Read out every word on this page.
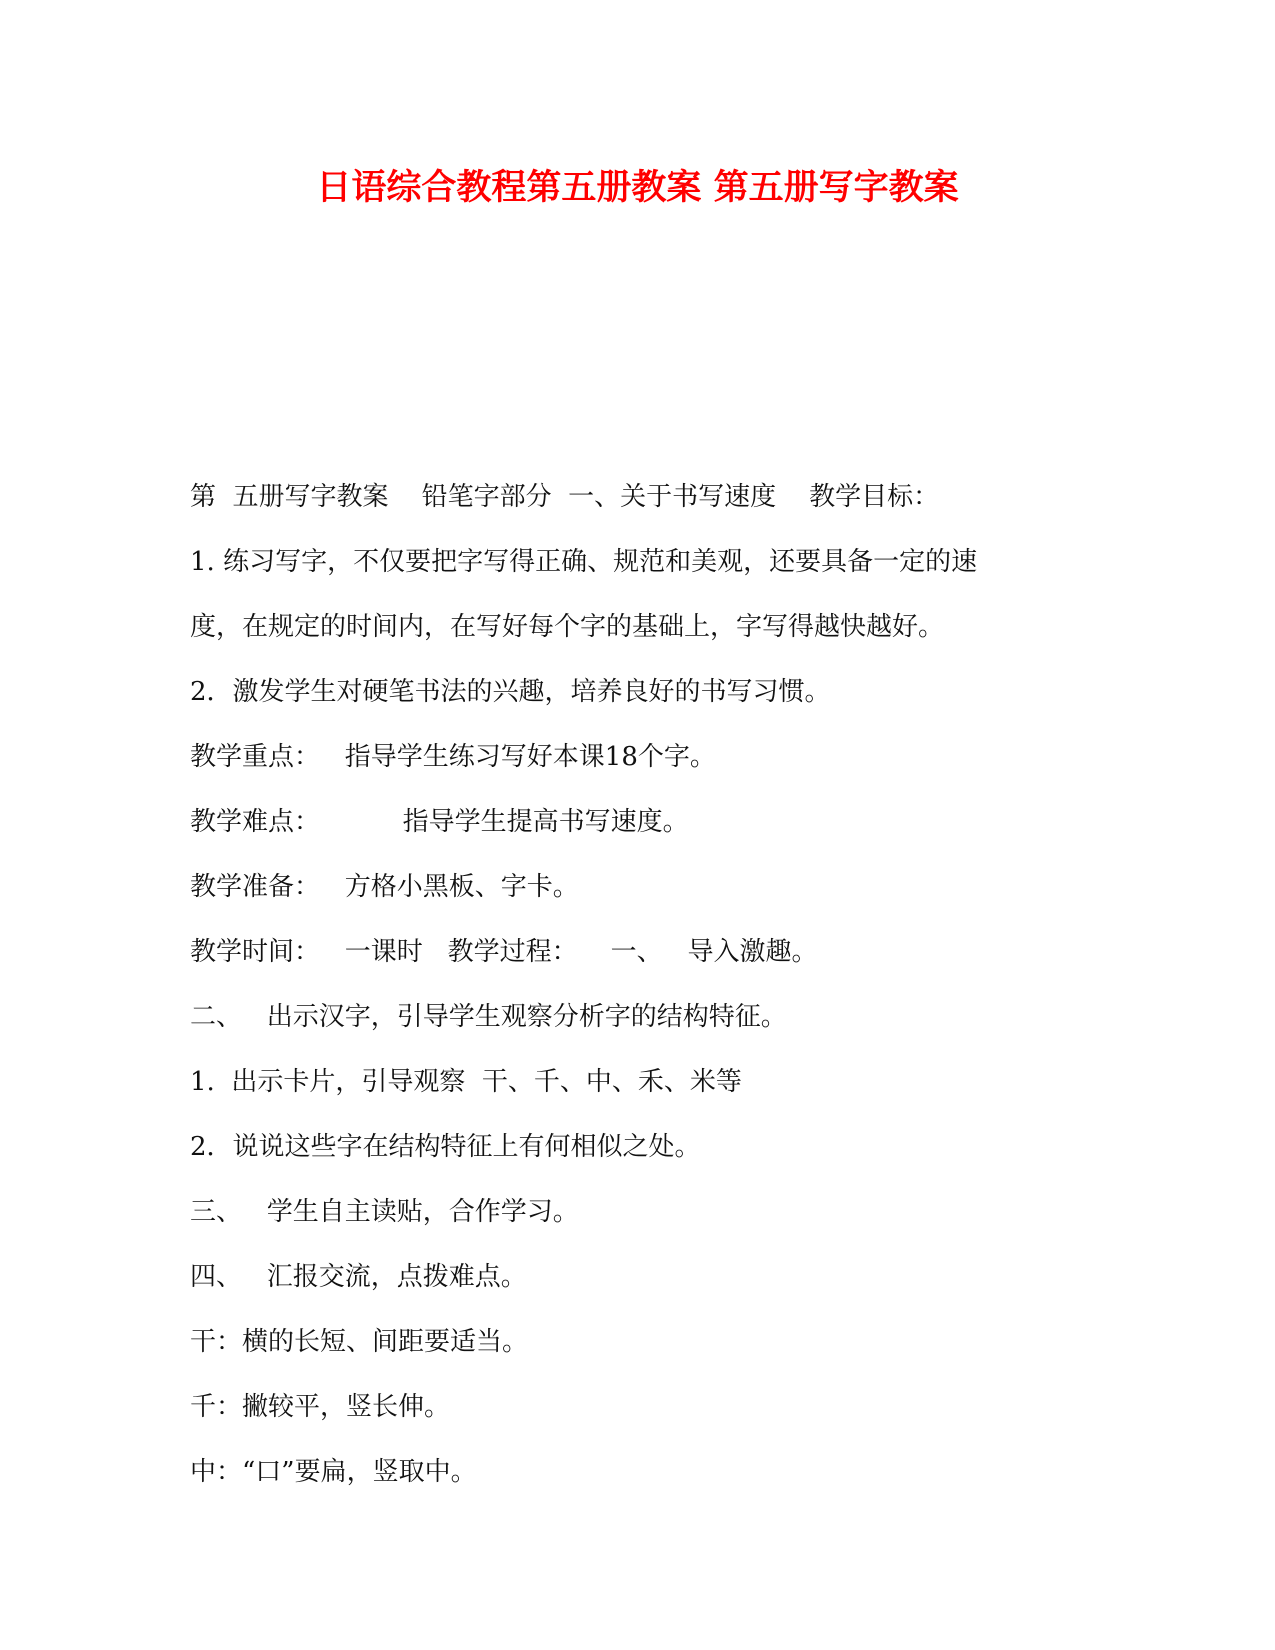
日语综合教程第五册教案 第五册写字教案
第  五册写字教案    铅笔字部分  一、关于书写速度    教学目标：
1. 练习写字，不仅要把字写得正确、规范和美观，还要具备一定的速
度，在规定的时间内，在写好每个字的基础上，字写得越快越好。
2．激发学生对硬笔书法的兴趣，培养良好的书写习惯。
教学重点：   指导学生练习写好本课18个字。
教学难点：          指导学生提高书写速度。
教学准备：   方格小黑板、字卡。
教学时间：   一课时   教学过程：    一、   导入激趣。
二、   出示汉字，引导学生观察分析字的结构特征。
1.  出示卡片，引导观察  干、千、中、禾、米等
2．说说这些字在结构特征上有何相似之处。
三、   学生自主读贴，合作学习。
四、   汇报交流，点拨难点。
干：横的长短、间距要适当。
千：撇较平，竖长伸。
中：“口”要扁，竖取中。
